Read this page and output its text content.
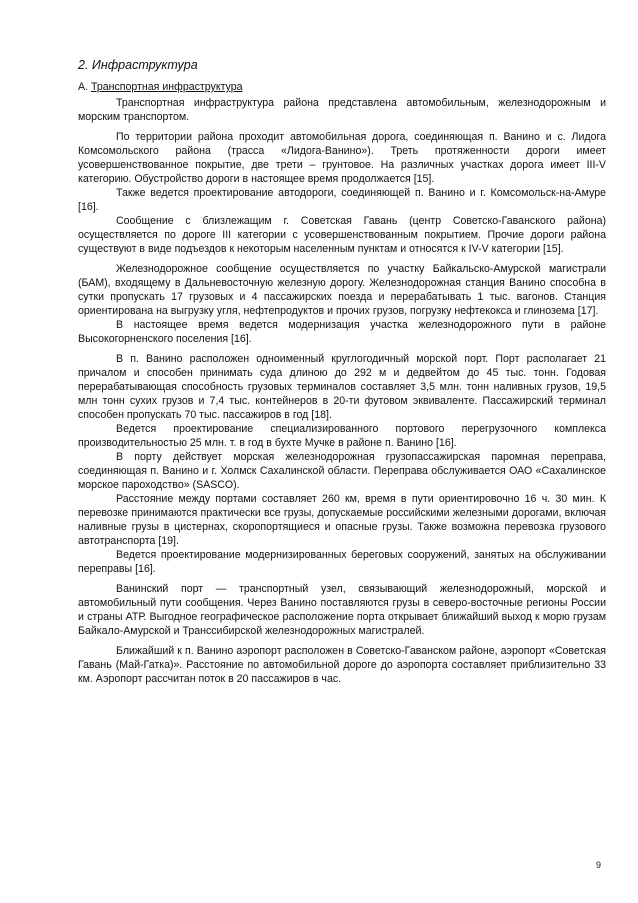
2. Инфраструктура
А. Транспортная инфраструктура

Транспортная инфраструктура района представлена автомобильным, железнодорожным и морским транспортом.

По территории района проходит автомобильная дорога, соединяющая п. Ванино и с. Лидога Комсомольского района (трасса «Лидога-Ванино»). Треть протяженности дороги имеет усовершенствованное покрытие, две трети – грунтовое. На различных участках дорога имеет III-V категорию. Обустройство дороги в настоящее время продолжается [15].

Также ведется проектирование автодороги, соединяющей п. Ванино и г. Комсомольск-на-Амуре [16].

Сообщение с близлежащим г. Советская Гавань (центр Советско-Гаванского района) осуществляется по дороге III категории с усовершенствованным покрытием. Прочие дороги района существуют в виде подъездов к некоторым населенным пунктам и относятся к IV-V категории [15].

Железнодорожное сообщение осуществляется по участку Байкальско-Амурской магистрали (БАМ), входящему в Дальневосточную железную дорогу. Железнодорожная станция Ванино способна в сутки пропускать 17 грузовых и 4 пассажирских поезда и перерабатывать 1 тыс. вагонов. Станция ориентирована на выгрузку угля, нефтепродуктов и прочих грузов, погрузку нефтекокса и глинозема [17].

В настоящее время ведется модернизация участка железнодорожного пути в районе Высокогорненского поселения [16].

В п. Ванино расположен одноименный круглогодичный морской порт. Порт располагает 21 причалом и способен принимать суда длиною до 292 м и дедвейтом до 45 тыс. тонн. Годовая перерабатывающая способность грузовых терминалов составляет 3,5 млн. тонн наливных грузов, 19,5 млн тонн сухих грузов и 7,4 тыс. контейнеров в 20-ти футовом эквиваленте. Пассажирский терминал способен пропускать 70 тыс. пассажиров в год [18].

Ведется проектирование специализированного портового перегрузочного комплекса производительностью 25 млн. т. в год в бухте Мучке в районе п. Ванино [16].

В порту действует морская железнодорожная грузопассажирская паромная переправа, соединяющая п. Ванино и г. Холмск Сахалинской области. Переправа обслуживается ОАО «Сахалинское морское пароходство» (SASCO).

Расстояние между портами составляет 260 км, время в пути ориентировочно 16 ч. 30 мин. К перевозке принимаются практически все грузы, допускаемые российскими железными дорогами, включая наливные грузы в цистернах, скоропортящиеся и опасные грузы. Также возможна перевозка грузового автотранспорта [19].

Ведется проектирование модернизированных береговых сооружений, занятых на обслуживании переправы [16].

Ванинский порт — транспортный узел, связывающий железнодорожный, морской и автомобильный пути сообщения. Через Ванино поставляются грузы в северо-восточные регионы России и страны АТР. Выгодное географическое расположение порта открывает ближайший выход к морю грузам Байкало-Амурской и Транссибирской железнодорожных магистралей.

Ближайший к п. Ванино аэропорт расположен в Советско-Гаванском районе, аэропорт «Советская Гавань (Май-Гатка)». Расстояние по автомобильной дороге до аэропорта составляет приблизительно 33 км. Аэропорт рассчитан поток в 20 пассажиров в час.

9
